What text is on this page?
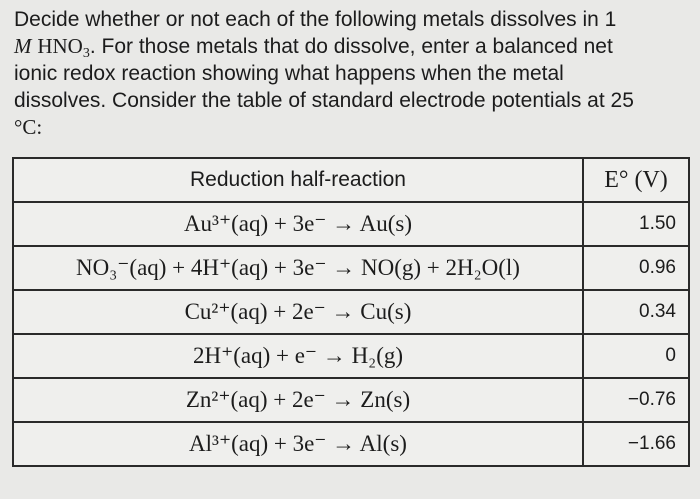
Decide whether or not each of the following metals dissolves in 1
M $HNO_3$. For those metals that do dissolve, enter a balanced net
ionic redox reaction showing what happens when the metal
dissolves. Consider the table of standard electrode potentials at 25
°C:
Reduction half-reaction	E° (V)
Au³⁺(aq) + 3e⁻ → Au(s)	1.50
NO₃⁻(aq) + 4H⁺(aq) + 3e⁻ → NO(g) + 2H₂O(l)	0.96
Cu²⁺(aq) + 2e⁻ → Cu(s)	0.34
2H⁺(aq) + e⁻ → H₂(g)	0
Zn²⁺(aq) + 2e⁻ → Zn(s)	−0.76
Al³⁺(aq) + 3e⁻ → Al(s)	−1.66
